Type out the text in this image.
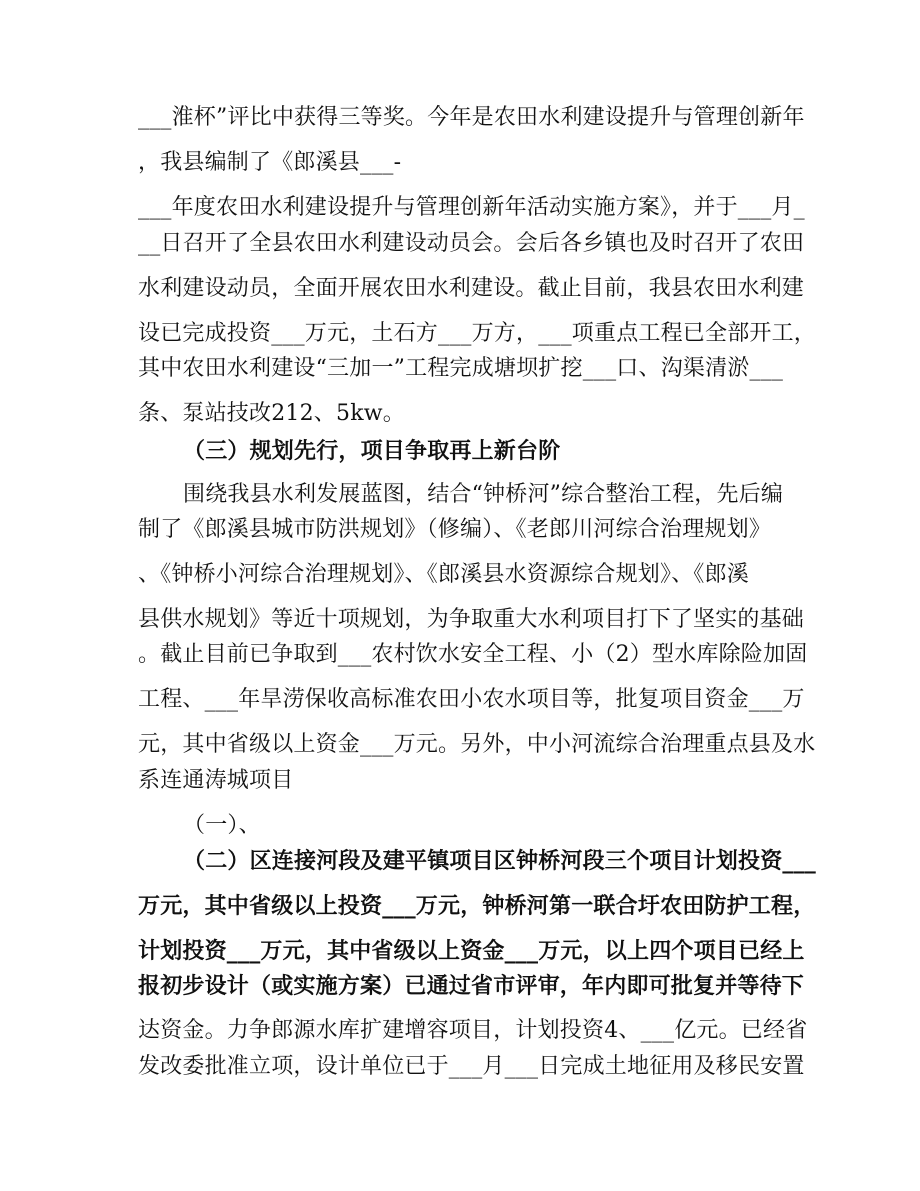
___淮杯”评比中获得三等奖。今年是农田水利建设提升与管理创新年
，我县编制了《郎溪县___-
___年度农田水利建设提升与管理创新年活动实施方案》，并于___月_
__日召开了全县农田水利建设动员会。会后各乡镇也及时召开了农田
水利建设动员，全面开展农田水利建设。截止目前，我县农田水利建
设已完成投资___万元，土石方___万方，___项重点工程已全部开工，
其中农田水利建设“三加一”工程完成塘坝扩挖___口、沟渠清淤___
条、泵站技改212、5kw。
（三）规划先行，项目争取再上新台阶
围绕我县水利发展蓝图，结合“钟桥河”综合整治工程，先后编
制了《郎溪县城市防洪规划》（修编）、《老郎川河综合治理规划》
、《钟桥小河综合治理规划》、《郎溪县水资源综合规划》、《郎溪
县供水规划》等近十项规划，为争取重大水利项目打下了坚实的基础
。截止目前已争取到___农村饮水安全工程、小（2）型水库除险加固
工程、___年旱涝保收高标准农田小农水项目等，批复项目资金___万
元，其中省级以上资金___万元。另外，中小河流综合治理重点县及水
系连通涛城项目
（一）、
（二）区连接河段及建平镇项目区钟桥河段三个项目计划投资___
万元，其中省级以上投资___万元，钟桥河第一联合圩农田防护工程，
计划投资___万元，其中省级以上资金___万元，以上四个项目已经上
报初步设计（或实施方案）已通过省市评审，年内即可批复并等待下
达资金。力争郎源水库扩建增容项目，计划投资4、___亿元。已经省
发改委批准立项，设计单位已于___月___日完成土地征用及移民安置
